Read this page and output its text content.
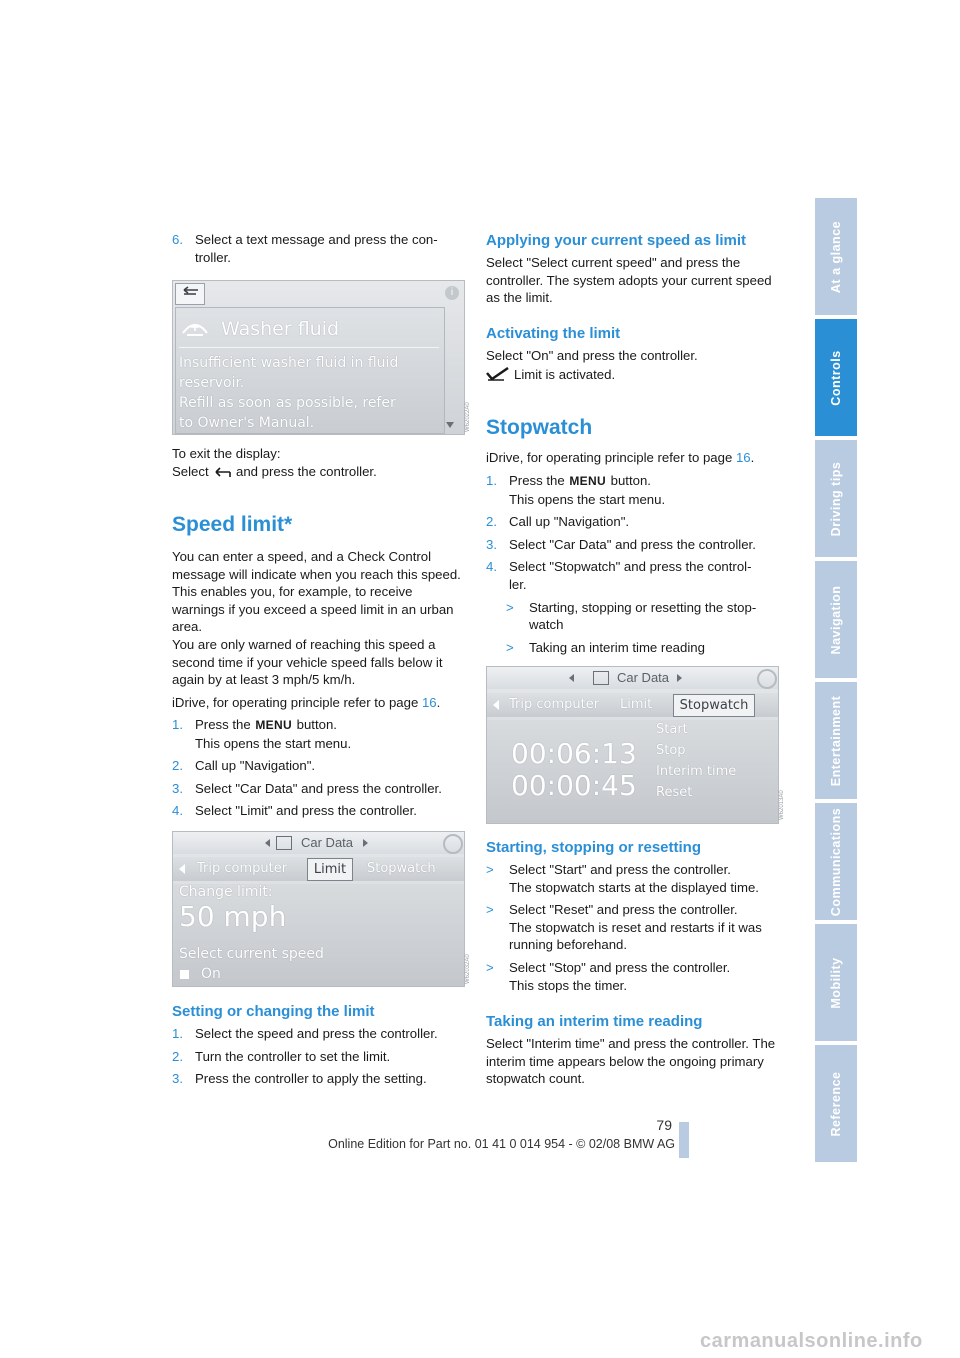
6. Select a text message and press the con-
troller.
i
Washer fluid
Insufficient washer fluid in fluid
reservoir.
Refill as soon as possible, refer
to Owner's Manual.	W62022A0
To exit the display:
Select and press the controller.
Speed limit*
You can enter a speed, and a Check Control message will indicate when you reach this speed. This enables you, for example, to receive warnings if you exceed a speed limit in an urban area.
You are only warned of reaching this speed a second time if your vehicle speed falls below it again by at least 3 mph/5 km/h.
iDrive, for operating principle refer to page 16.
1. Press the MENU button.
This opens the start menu.
2. Call up "Navigation".
3. Select "Car Data" and press the controller.
4. Select "Limit" and press the controller.
Car Data
Trip computer	Limit	Stopwatch
Change limit:
50 mph
Select current speed
On	W62032A0
Setting or changing the limit
1. Select the speed and press the controller.
2. Turn the controller to set the limit.
3. Press the controller to apply the setting.
Applying your current speed as limit
Select "Select current speed" and press the controller. The system adopts your current speed as the limit.
Activating the limit
Select "On" and press the controller.
Limit is activated.
Stopwatch
iDrive, for operating principle refer to page 16.
1. Press the MENU button.
This opens the start menu.
2. Call up "Navigation".
3. Select "Car Data" and press the controller.
4. Select "Stopwatch" and press the control-
ler.
> Starting, stopping or resetting the stop-
watch
> Taking an interim time reading
Car Data
Trip computer Limit	Stopwatch
00:06:13
00:00:45
Start
Stop
Interim time
Reset	W62013A0
Starting, stopping or resetting
> Select "Start" and press the controller.
The stopwatch starts at the displayed time.
> Select "Reset" and press the controller.
The stopwatch is reset and restarts if it was
running beforehand.
> Select "Stop" and press the controller.
This stops the timer.
Taking an interim time reading
Select "Interim time" and press the controller. The interim time appears below the ongoing primary stopwatch count.
At a glance
Controls
Driving tips
Navigation
Entertainment
Communications
Mobility
Reference
79
Online Edition for Part no. 01 41 0 014 954 - © 02/08 BMW AG
carmanualsonline.info
